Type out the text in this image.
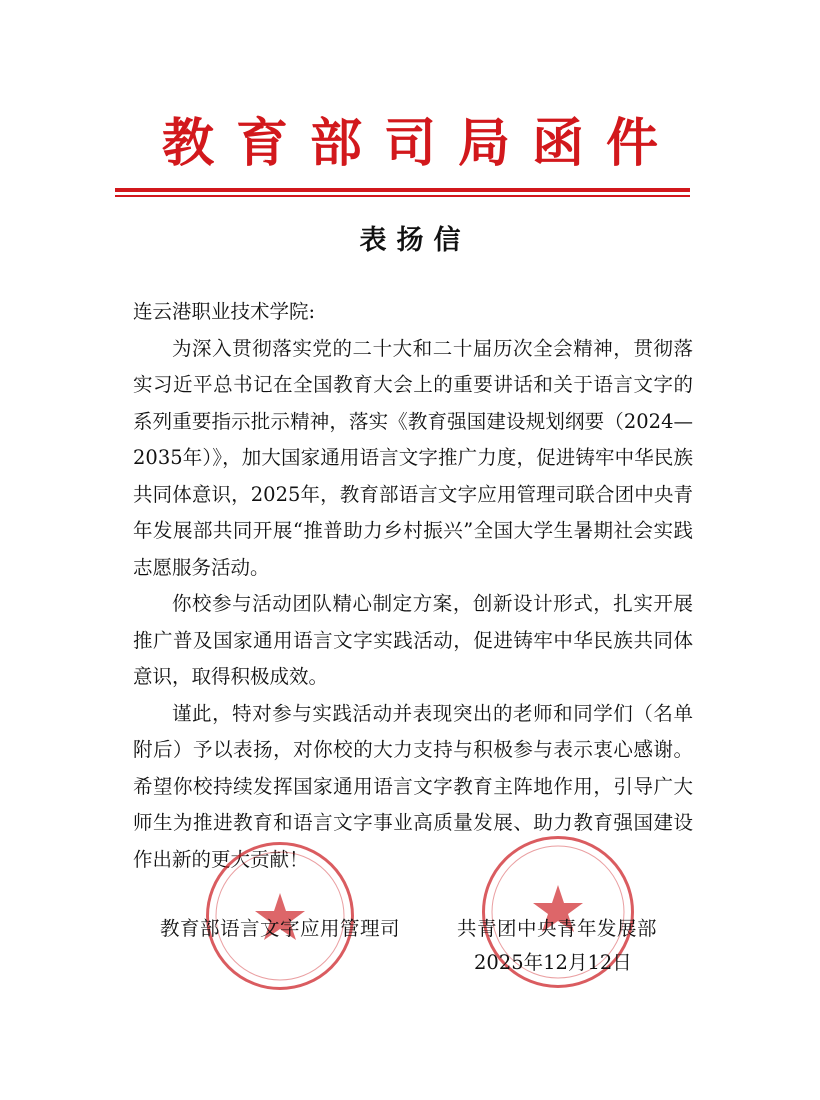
教育部司局函件
表扬信

连云港职业技术学院:

为深入贯彻落实党的二十大和二十届历次全会精神，贯彻落实习近平总书记在全国教育大会上的重要讲话和关于语言文字的系列重要指示批示精神，落实《教育强国建设规划纲要（2024—2035年）》，加大国家通用语言文字推广力度，促进铸牢中华民族共同体意识，2025年，教育部语言文字应用管理司联合团中央青年发展部共同开展“推普助力乡村振兴”全国大学生暑期社会实践志愿服务活动。

你校参与活动团队精心制定方案，创新设计形式，扎实开展推广普及国家通用语言文字实践活动，促进铸牢中华民族共同体意识，取得积极成效。

谨此，特对参与实践活动并表现突出的老师和同学们（名单附后）予以表扬，对你校的大力支持与积极参与表示衷心感谢。希望你校持续发挥国家通用语言文字教育主阵地作用，引导广大师生为推进教育和语言文字事业高质量发展、助力教育强国建设作出新的更大贡献！

教育部语言文字应用管理司	共青团中央青年发展部
2025年12月12日
